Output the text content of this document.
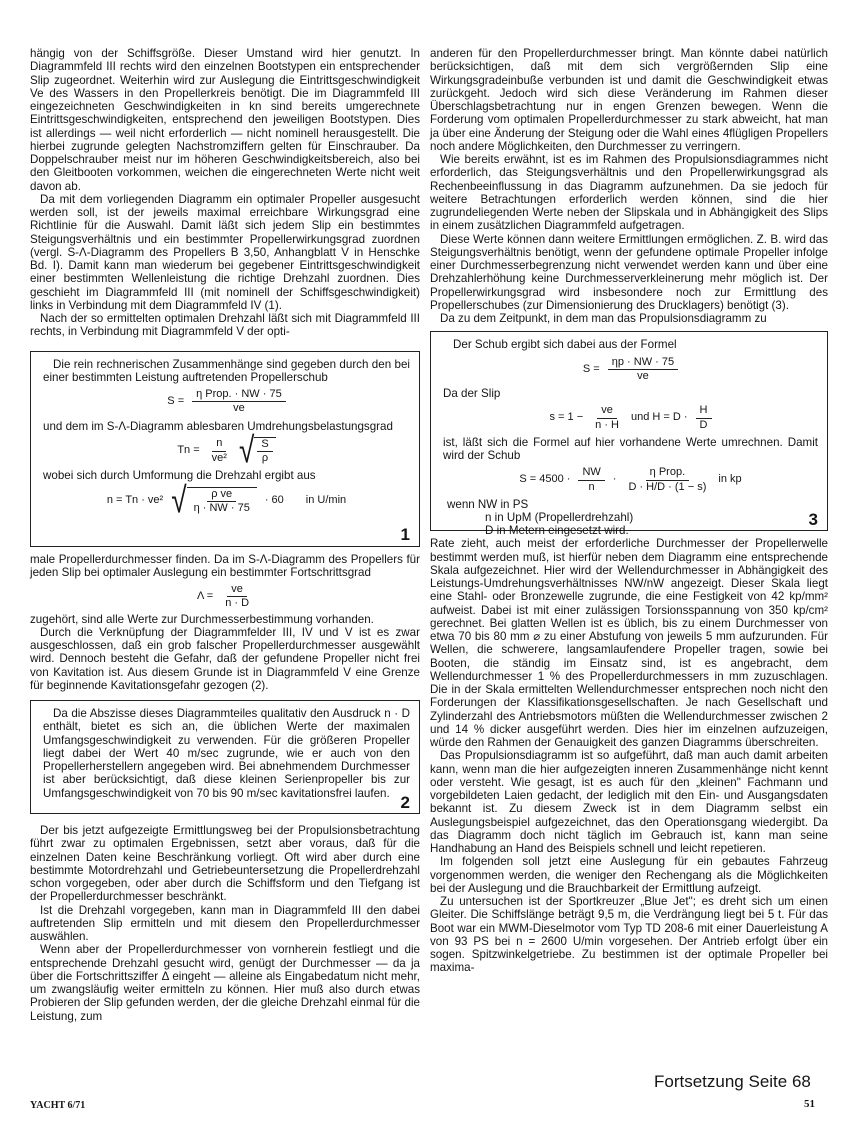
hängig von der Schiffsgröße. Dieser Umstand wird hier genutzt. In Diagrammfeld III rechts wird den einzelnen Bootstypen ein entsprechender Slip zugeordnet. Weiterhin wird zur Auslegung die Eintrittsgeschwindigkeit Ve des Wassers in den Propellerkreis benötigt. Die im Diagrammfeld III eingezeichneten Geschwindigkeiten in kn sind bereits umgerechnete Eintrittsgeschwindigkeiten, entsprechend den jeweiligen Bootstypen. Dies ist allerdings — weil nicht erforderlich — nicht nominell herausgestellt. Die hierbei zugrunde gelegten Nachstromziffern gelten für Einschrauber. Da Doppelschrauber meist nur im höheren Geschwindigkeitsbereich, also bei den Gleitbooten vorkommen, weichen die eingerechneten Werte nicht weit davon ab.

Da mit dem vorliegenden Diagramm ein optimaler Propeller ausgesucht werden soll, ist der jeweils maximal erreichbare Wirkungsgrad eine Richtlinie für die Auswahl. Damit läßt sich jedem Slip ein bestimmtes Steigungsverhältnis und ein bestimmter Propellerwirkungsgrad zuordnen (vergl. S-Λ-Diagramm des Propellers B 3,50, Anhangblatt V in Henschke Bd. I). Damit kann man wiederum bei gegebener Eintrittsgeschwindigkeit einer bestimmten Wellenleistung die richtige Drehzahl zuordnen. Dies geschieht im Diagrammfeld III (mit nominell der Schiffsgeschwindigkeit) links in Verbindung mit dem Diagrammfeld IV (1).

Nach der so ermittelten optimalen Drehzahl läßt sich mit Diagrammfeld III rechts, in Verbindung mit Diagrammfeld V der opti-

Die rein rechnerischen Zusammenhänge sind gegeben durch den bei einer bestimmten Leistung auftretenden Propellerschub

$S = \frac{\text{η Prop. · NW · 75}}{ve}$

und dem im S-Λ-Diagramm ablesbaren Umdrehungsbelastungsgrad

$Tn = \frac{n}{\text{ve²}}$ √ $\frac{S}{\rho}$

wobei sich durch Umformung die Drehzahl ergibt aus

n = Tn · ve² √ $\frac{\text{ρ ve}}{\eta \cdot NW \cdot 75} \cdot 60$ in U/min
1

male Propellerdurchmesser finden. Da im S-Λ-Diagramm des Propellers für jeden Slip bei optimaler Auslegung ein bestimmter Fortschrittsgrad

$\Lambda = \frac{ve}{n \cdot D}$

zugehört, sind alle Werte zur Durchmesserbestimmung vorhanden.

Durch die Verknüpfung der Diagrammfelder III, IV und V ist es zwar ausgeschlossen, daß ein grob falscher Propellerdurchmesser ausgewählt wird. Dennoch besteht die Gefahr, daß der gefundene Propeller nicht frei von Kavitation ist. Aus diesem Grunde ist in Diagrammfeld V eine Grenze für beginnende Kavitationsgefahr gezogen (2).

Da die Abszisse dieses Diagrammteiles qualitativ den Ausdruck n · D enthält, bietet es sich an, die üblichen Werte der maximalen Umfangsgeschwindigkeit zu verwenden. Für die größeren Propeller liegt dabei der Wert 40 m/sec zugrunde, wie er auch von den Propellerherstellern angegeben wird. Bei abnehmendem Durchmesser ist aber berücksichtigt, daß diese kleinen Serienpropeller bis zur Umfangsgeschwindigkeit von 70 bis 90 m/sec kavitationsfrei laufen. 2

Der bis jetzt aufgezeigte Ermittlungsweg bei der Propulsionsbetrachtung führt zwar zu optimalen Ergebnissen, setzt aber voraus, daß für die einzelnen Daten keine Beschränkung vorliegt. Oft wird aber durch eine bestimmte Motordrehzahl und Getriebeuntersetzung die Propellerdrehzahl schon vorgegeben, oder aber durch die Schiffsform und den Tiefgang ist der Propellerdurchmesser beschränkt.

Ist die Drehzahl vorgegeben, kann man in Diagrammfeld III den dabei auftretenden Slip ermitteln und mit diesem den Propellerdurchmesser auswählen.

Wenn aber der Propellerdurchmesser von vornherein festliegt und die entsprechende Drehzahl gesucht wird, genügt der Durchmesser — da ja über die Fortschrittsziffer Δ eingeht — alleine als Eingabedatum nicht mehr, um zwangsläufig weiter ermitteln zu können. Hier muß also durch etwas Probieren der Slip gefunden werden, der die gleiche Drehzahl einmal für die Leistung, zum

anderen für den Propellerdurchmesser bringt. Man könnte dabei natürlich berücksichtigen, daß mit dem sich vergrößernden Slip eine Wirkungsgradeinbuße verbunden ist und damit die Geschwindigkeit etwas zurückgeht. Jedoch wird sich diese Veränderung im Rahmen dieser Überschlagsbetrachtung nur in engen Grenzen bewegen. Wenn die Forderung vom optimalen Propellerdurchmesser zu stark abweicht, hat man ja über eine Änderung der Steigung oder die Wahl eines 4flügligen Propellers noch andere Möglichkeiten, den Durchmesser zu verringern.

Wie bereits erwähnt, ist es im Rahmen des Propulsionsdiagrammes nicht erforderlich, das Steigungsverhältnis und den Propellerwirkungsgrad als Rechenbeeinflussung in das Diagramm aufzunehmen. Da sie jedoch für weitere Betrachtungen erforderlich werden können, sind die hier zugrundeliegenden Werte neben der Slipskala und in Abhängigkeit des Slips in einem zusätzlichen Diagrammfeld aufgetragen.

Diese Werte können dann weitere Ermittlungen ermöglichen. Z. B. wird das Steigungsverhältnis benötigt, wenn der gefundene optimale Propeller infolge einer Durchmesserbegrenzung nicht verwendet werden kann und über eine Drehzahlerhöhung keine Durchmesserverkleinerung mehr möglich ist. Der Propellerwirkungsgrad wird insbesondere noch zur Ermittlung des Propellerschubes (zur Dimensionierung des Drucklagers) benötigt (3).

Da zu dem Zeitpunkt, in dem man das Propulsionsdiagramm zu

Der Schub ergibt sich dabei aus der Formel

$S = \frac{\eta p \cdot NW \cdot 75}{ve}$

Da der Slip

$s = 1 - \frac{ve}{n \cdot H}$ und $H = D \cdot \frac{H}{D}$

ist, läßt sich die Formel auf hier vorhandene Werte umrechnen. Damit wird der Schub

$S = 4500 \cdot \frac{NW}{n} \cdot \frac{\text{η Prop.}}{D \cdot H/D \cdot (1 - s)}$ in kp
wenn NW in PS
n in UpM (Propellerdrehzahl)
D in Metern eingesetzt wird.
3

Rate zieht, auch meist der erforderliche Durchmesser der Propellerwelle bestimmt werden muß, ist hierfür neben dem Diagramm eine entsprechende Skala aufgezeichnet. Hier wird der Wellendurchmesser in Abhängigkeit des Leistungs-Umdrehungsverhältnisses NW/nW angezeigt. Dieser Skala liegt eine Stahl- oder Bronzewelle zugrunde, die eine Festigkeit von 42 kp/mm² aufweist. Dabei ist mit einer zulässigen Torsionsspannung von 350 kp/cm² gerechnet. Bei glatten Wellen ist es üblich, bis zu einem Durchmesser von etwa 70 bis 80 mm ⌀ zu einer Abstufung von jeweils 5 mm aufzurunden. Für Wellen, die schwerere, langsamlaufendere Propeller tragen, sowie bei Booten, die ständig im Einsatz sind, ist es angebracht, dem Wellendurchmesser 1 % des Propellerdurchmessers in mm zuzuschlagen. Die in der Skala ermittelten Wellendurchmesser entsprechen noch nicht den Forderungen der Klassifikationsgesellschaften. Je nach Gesellschaft und Zylinderzahl des Antriebsmotors müßten die Wellendurchmesser zwischen 2 und 14 % dicker ausgeführt werden. Dies hier im einzelnen aufzuzeigen, würde den Rahmen der Genauigkeit des ganzen Diagramms überschreiten.

Das Propulsionsdiagramm ist so aufgeführt, daß man auch damit arbeiten kann, wenn man die hier aufgezeigten inneren Zusammenhänge nicht kennt oder versteht. Wie gesagt, ist es auch für den „kleinen" Fachmann und vorgebildeten Laien gedacht, der lediglich mit den Ein- und Ausgangsdaten bekannt ist. Zu diesem Zweck ist in dem Diagramm selbst ein Auslegungsbeispiel aufgezeichnet, das den Operationsgang wiedergibt. Da das Diagramm doch nicht täglich im Gebrauch ist, kann man seine Handhabung an Hand des Beispiels schnell und leicht repetieren.

Im folgenden soll jetzt eine Auslegung für ein gebautes Fahrzeug vorgenommen werden, die weniger den Rechengang als die Möglichkeiten bei der Auslegung und die Brauchbarkeit der Ermittlung aufzeigt.

Zu untersuchen ist der Sportkreuzer „Blue Jet"; es dreht sich um einen Gleiter. Die Schiffslänge beträgt 9,5 m, die Verdrängung liegt bei 5 t. Für das Boot war ein MWM-Dieselmotor vom Typ TD 208-6 mit einer Dauerleistung A von 93 PS bei n = 2600 U/min vorgesehen. Der Antrieb erfolgt über ein sogen. Spitzwinkelgetriebe. Zu bestimmen ist der optimale Propeller bei maxima-

Fortsetzung Seite 68
YACHT 6/71	51
